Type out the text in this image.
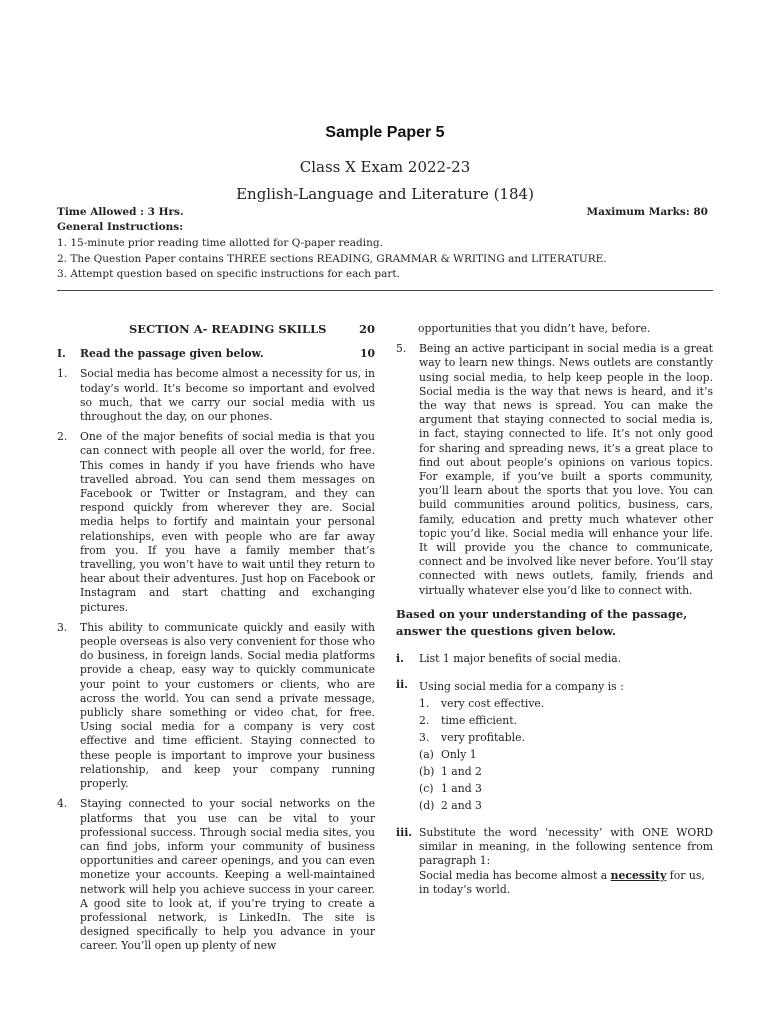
Sample Paper 5
Class X Exam 2022-23
English-Language and Literature (184)
Time Allowed : 3 Hrs.	Maximum Marks: 80
General Instructions:
1. 15-minute prior reading time allotted for Q-paper reading.
2. The Question Paper contains THREE sections READING, GRAMMAR & WRITING and LITERATURE.
3. Attempt question based on specific instructions for each part.
SECTION A- READING SKILLS	20
I.	Read the passage given below.	10
1.	Social media has become almost a necessity for us, in today’s world. It’s become so important and evolved so much, that we carry our social media with us throughout the day, on our phones.
2.	One of the major benefits of social media is that you can connect with people all over the world, for free. This comes in handy if you have friends who have travelled abroad. You can send them messages on Facebook or Twitter or Instagram, and they can respond quickly from wherever they are. Social media helps to fortify and maintain your personal relationships, even with people who are far away from you. If you have a family member that’s travelling, you won’t have to wait until they return to hear about their adventures. Just hop on Facebook or Instagram and start chatting and exchanging pictures.
3.	This ability to communicate quickly and easily with people overseas is also very convenient for those who do business, in foreign lands. Social media platforms provide a cheap, easy way to quickly communicate your point to your customers or clients, who are across the world. You can send a private message, publicly share something or video chat, for free. Using social media for a company is very cost effective and time efficient. Staying connected to these people is important to improve your business relationship, and keep your company running properly.
4.	Staying connected to your social networks on the platforms that you use can be vital to your professional success. Through social media sites, you can find jobs, inform your community of business opportunities and career openings, and you can even monetize your accounts. Keeping a well-maintained network will help you achieve success in your career. A good site to look at, if you’re trying to create a professional network, is LinkedIn. The site is designed specifically to help you advance in your career. You’ll open up plenty of new
opportunities that you didn’t have, before.
5.	Being an active participant in social media is a great way to learn new things. News outlets are constantly using social media, to help keep people in the loop. Social media is the way that news is heard, and it’s the way that news is spread. You can make the argument that staying connected to social media is, in fact, staying connected to life. It’s not only good for sharing and spreading news, it’s a great place to find out about people’s opinions on various topics. For example, if you’ve built a sports community, you’ll learn about the sports that you love. You can build communities around politics, business, cars, family, education and pretty much whatever other topic you’d like. Social media will enhance your life. It will provide you the chance to communicate, connect and be involved like never before. You’ll stay connected with news outlets, family, friends and virtually whatever else you’d like to connect with.
Based on your understanding of the passage, answer the questions given below.
i.	List 1 major benefits of social media.
ii.	Using social media for a company is :
1.	very cost effective.
2.	time efficient.
3.	very profitable.
(a) Only 1
(b) 1 and 2
(c) 1 and 3
(d) 2 and 3
iii. Substitute the word ‘necessity’ with ONE WORD similar in meaning, in the following sentence from paragraph 1:
Social media has become almost a necessity for us, in today’s world.
